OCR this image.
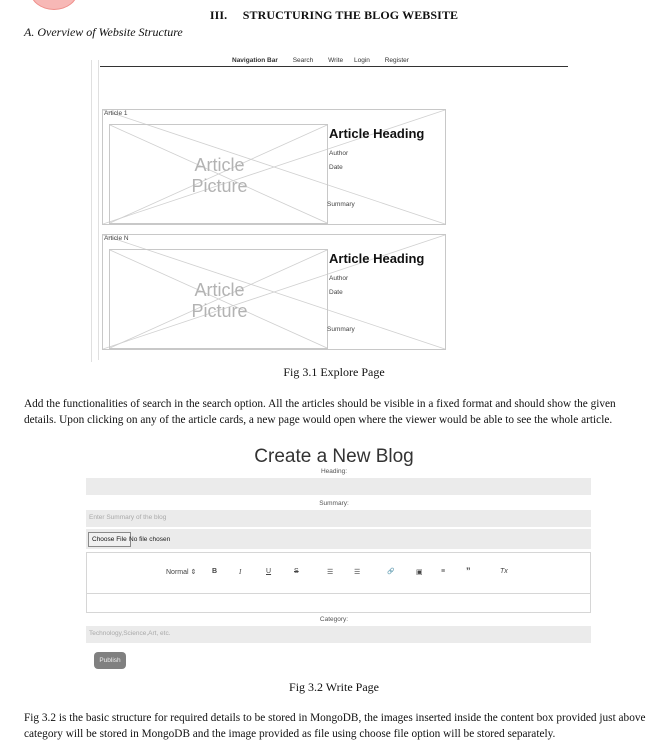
III. STRUCTURING THE BLOG WEBSITE
A. Overview of Website Structure
Navigation Bar Search Write Login Register
Article 1
Article
Picture
Article Heading
Author
Date
Summary
Article N
Article
Picture
Article Heading
Author
Date
Summary
Fig 3.1 Explore Page
Add the functionalities of search in the search option. All the articles should be visible in a fixed format and should show the given details. Upon clicking on any of the article cards, a new page would open where the viewer would be able to see the whole article.
Create a New Blog
Heading:
Summary:
Enter Summary of the blog
Choose File No file chosen
Normal ⇕ B	I	U	S	☰	☰	🔗	▣	≡ ”	Tx
Category:
Technology,Science,Art, etc.
Publish
Fig 3.2 Write Page
Fig 3.2 is the basic structure for required details to be stored in MongoDB, the images inserted inside the content box provided just above category will be stored in MongoDB and the image provided as file using choose file option will be stored separately.
